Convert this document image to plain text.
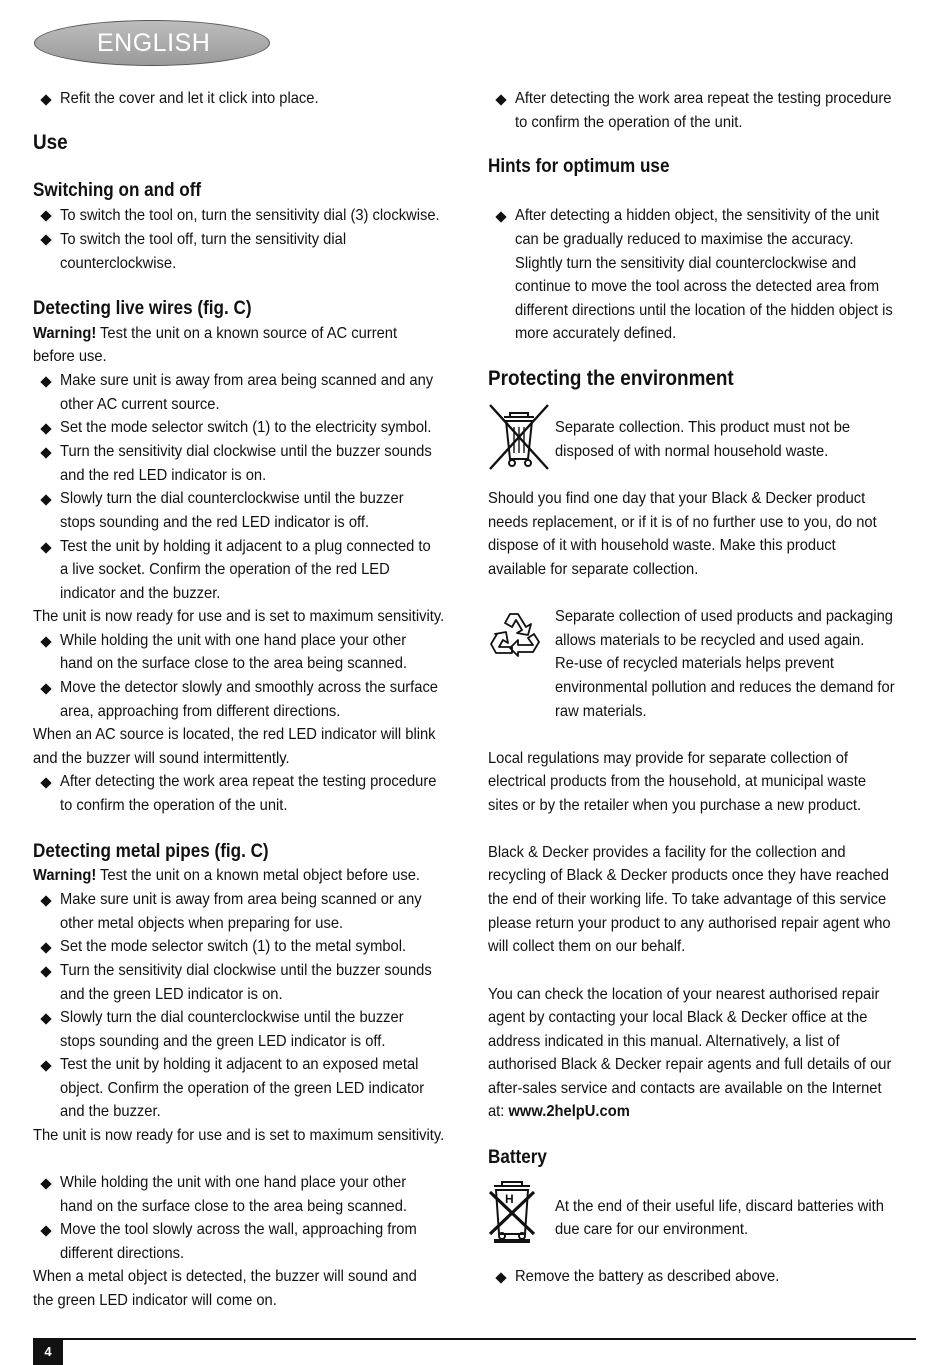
ENGLISH
Refit the cover and let it click into place.
Use
Switching on and off
To switch the tool on, turn the sensitivity dial (3) clockwise.
To switch the tool off, turn the sensitivity dial
counterclockwise.
Detecting live wires (fig. C)
Warning! Test the unit on a known source of AC current
before use.
Make sure unit is away from area being scanned and any
other AC current source.
Set the mode selector switch (1) to the electricity symbol.
Turn the sensitivity dial clockwise until the buzzer sounds
and the red LED indicator is on.
Slowly turn the dial counterclockwise until the buzzer
stops sounding and the red LED indicator is off.
Test the unit by holding it adjacent to a plug connected to
a live socket. Confirm the operation of the red LED
indicator and the buzzer.
The unit is now ready for use and is set to maximum sensitivity.
While holding the unit with one hand place your other
hand on the surface close to the area being scanned.
Move the detector slowly and smoothly across the surface
area, approaching from different directions.
When an AC source is located, the red LED indicator will blink
and the buzzer will sound intermittently.
After detecting the work area repeat the testing procedure
to confirm the operation of the unit.
Detecting metal pipes (fig. C)
Warning! Test the unit on a known metal object before use.
Make sure unit is away from area being scanned or any
other metal objects when preparing for use.
Set the mode selector switch (1) to the metal symbol.
Turn the sensitivity dial clockwise until the buzzer sounds
and the green LED indicator is on.
Slowly turn the dial counterclockwise until the buzzer
stops sounding and the green LED indicator is off.
Test the unit by holding it adjacent to an exposed metal
object. Confirm the operation of the green LED indicator
and the buzzer.
The unit is now ready for use and is set to maximum sensitivity.
While holding the unit with one hand place your other
hand on the surface close to the area being scanned.
Move the tool slowly across the wall, approaching from
different directions.
When a metal object is detected, the buzzer will sound and
the green LED indicator will come on.
After detecting the work area repeat the testing procedure
to confirm the operation of the unit.
Hints for optimum use
After detecting a hidden object, the sensitivity of the unit
can be gradually reduced to maximise the accuracy.
Slightly turn the sensitivity dial counterclockwise and
continue to move the tool across the detected area from
different directions until the location of the hidden object is
more accurately defined.
Protecting the environment
Separate collection. This product must not be
disposed of with normal household waste.
Should you find one day that your Black & Decker product
needs replacement, or if it is of no further use to you, do not
dispose of it with household waste. Make this product
available for separate collection.
Separate collection of used products and packaging
allows materials to be recycled and used again.
Re-use of recycled materials helps prevent
environmental pollution and reduces the demand for
raw materials.
Local regulations may provide for separate collection of
electrical products from the household, at municipal waste
sites or by the retailer when you purchase a new product.
Black & Decker provides a facility for the collection and
recycling of Black & Decker products once they have reached
the end of their working life. To take advantage of this service
please return your product to any authorised repair agent who
will collect them on our behalf.
You can check the location of your nearest authorised repair
agent by contacting your local Black & Decker office at the
address indicated in this manual. Alternatively, a list of
authorised Black & Decker repair agents and full details of our
after-sales service and contacts are available on the Internet
at: www.2helpU.com
Battery
H	At the end of their useful life, discard batteries with
due care for our environment.
Remove the battery as described above.
4
